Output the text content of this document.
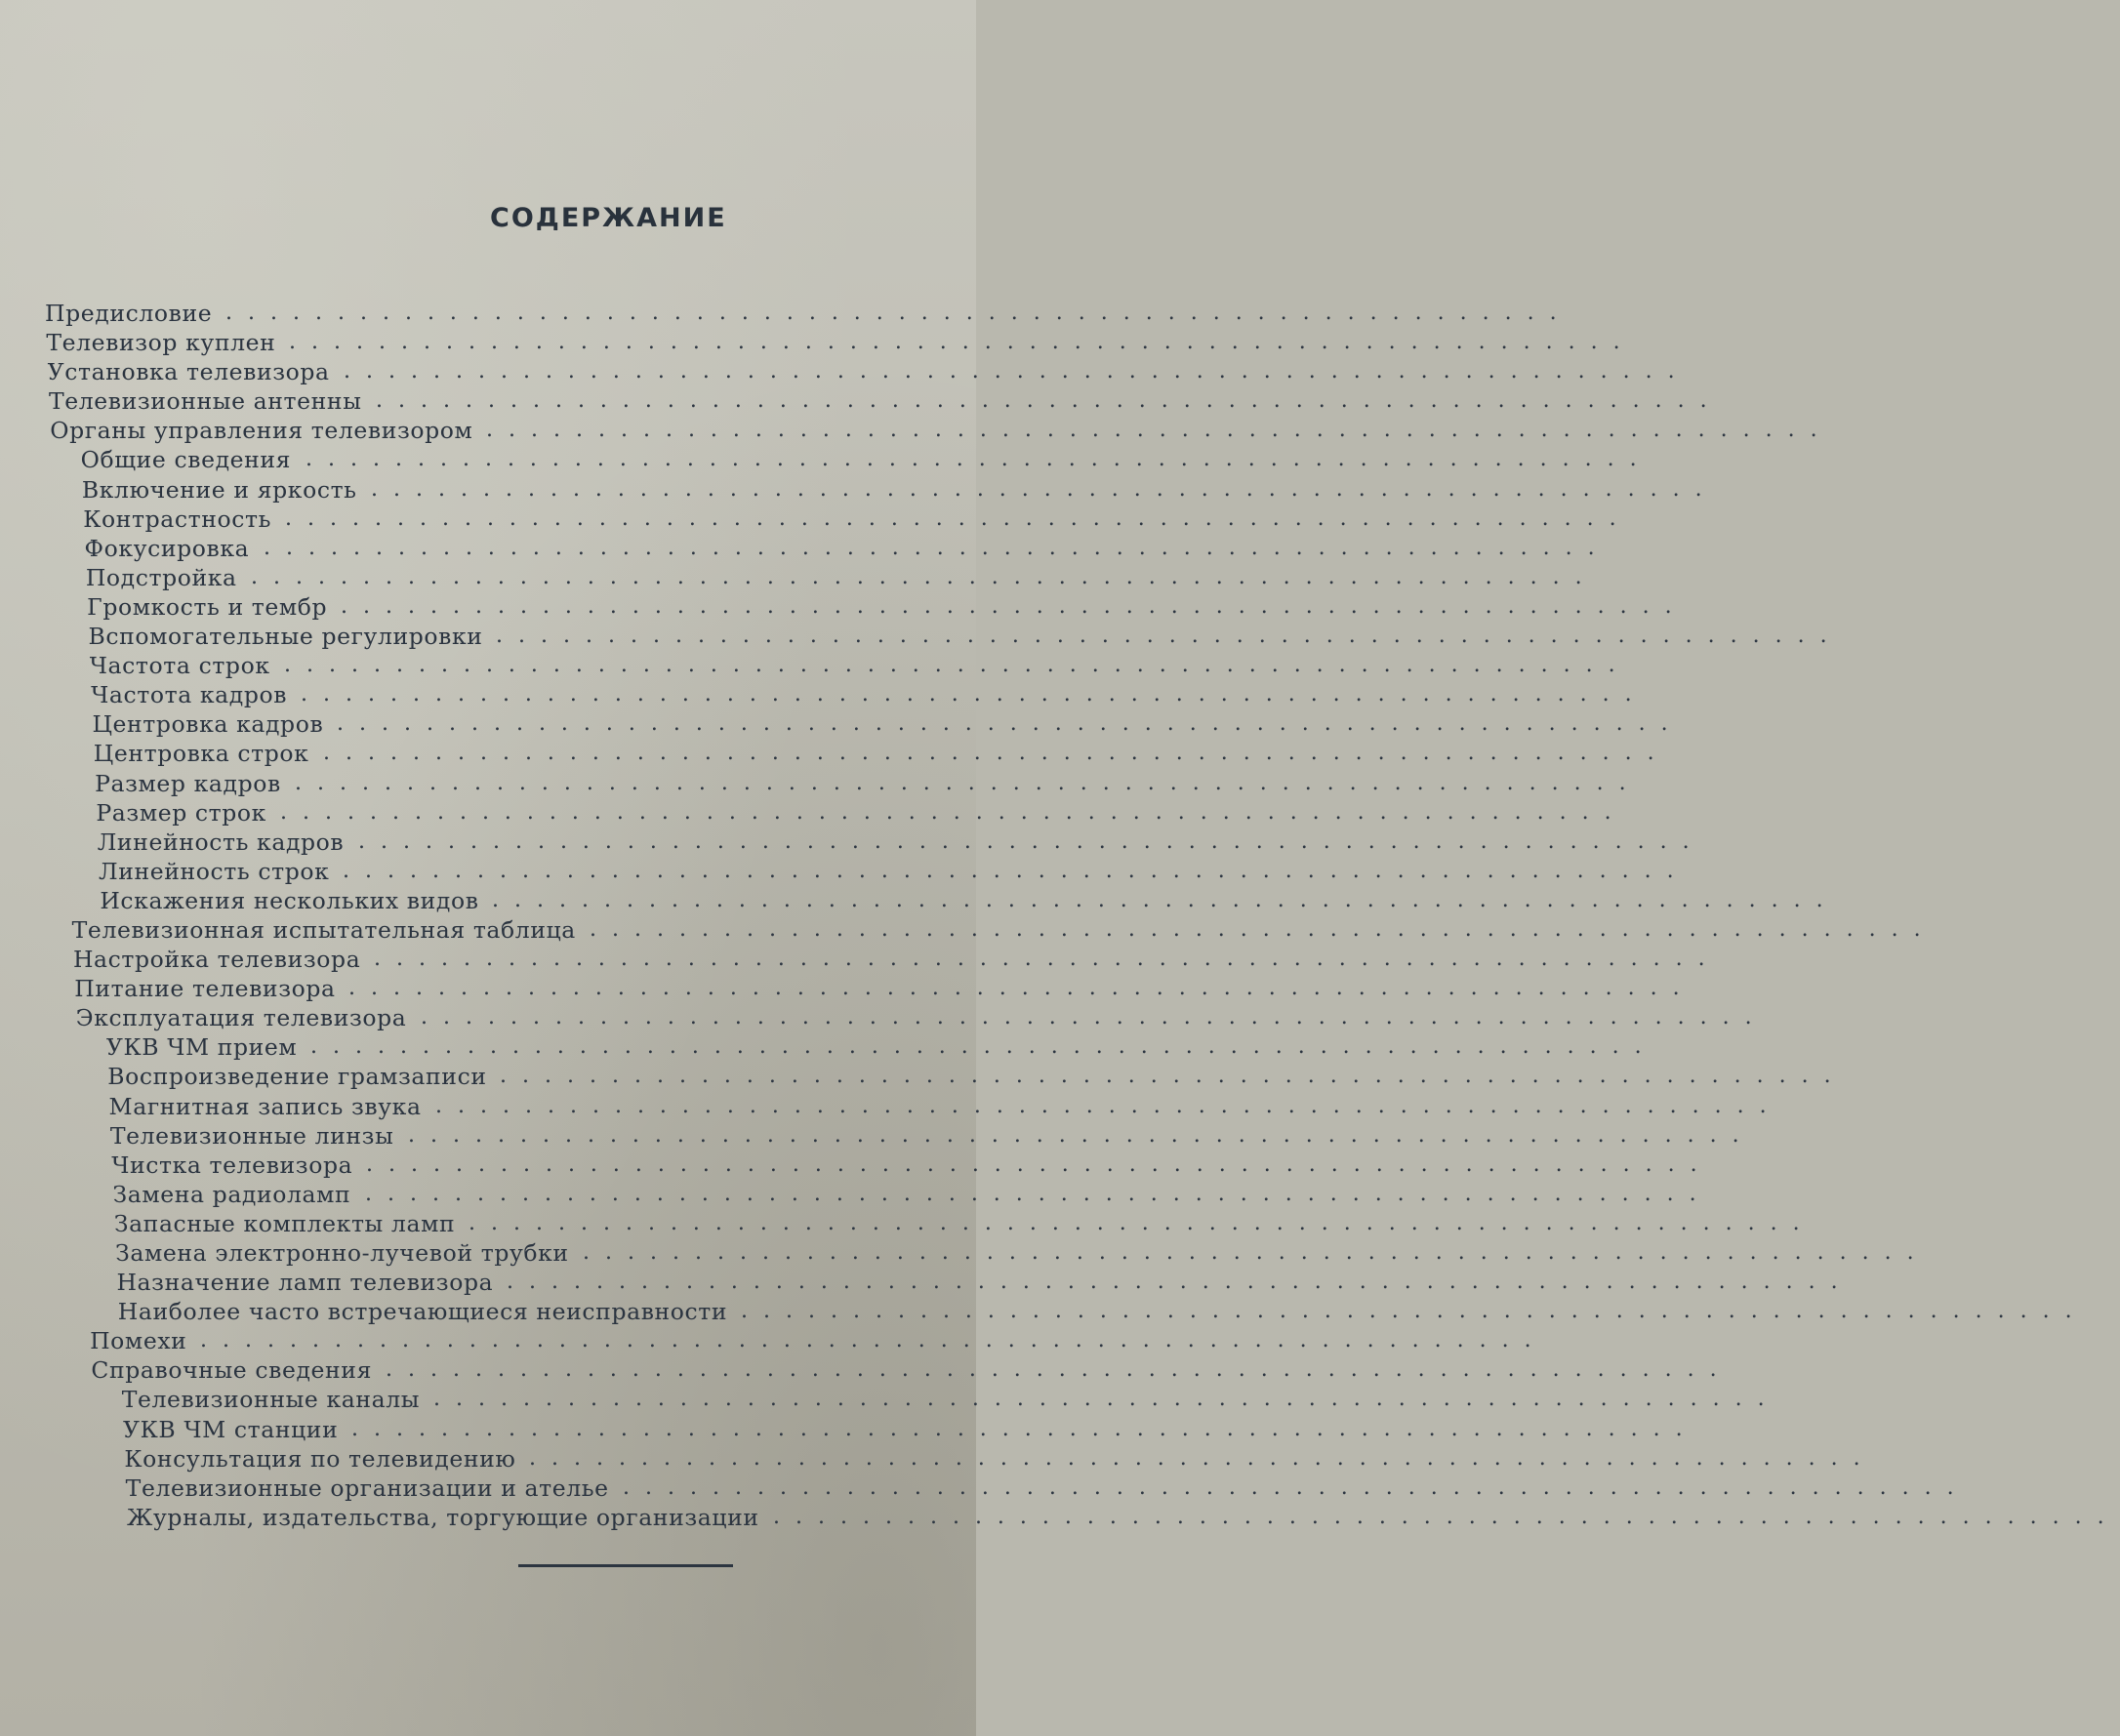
СОДЕРЖАНИЕ
............................................................
Предисловие
............................................................
Телевизор куплен
............................................................
Установка телевизора
............................................................
Телевизионные антенны
............................................................
Органы управления телевизором
............................................................
Общие сведения
............................................................
Включение и яркость
............................................................
Контрастность
............................................................
Фокусировка
............................................................
Подстройка
............................................................
Громкость и тембр
............................................................
Вспомогательные регулировки
............................................................
Частота строк
............................................................
Частота кадров
............................................................
Центровка кадров
............................................................
Центровка строк
............................................................
Размер кадров
............................................................
Размер строк
............................................................
Линейность кадров
............................................................
Линейность строк
............................................................
Искажения нескольких видов
............................................................
Телевизионная испытательная таблица
............................................................
Настройка телевизора
............................................................
Питание телевизора
............................................................
Эксплуатация телевизора
............................................................
УКВ ЧМ прием
............................................................
Воспроизведение грамзаписи
............................................................
Магнитная запись звука
............................................................
Телевизионные линзы
............................................................
Чистка телевизора
............................................................
Замена радиоламп
............................................................
Запасные комплекты ламп
............................................................
Замена электронно-лучевой трубки
............................................................
Назначение ламп телевизора
............................................................
Наиболее часто встречающиеся неисправности
............................................................
Помехи
............................................................
Справочные сведения
............................................................
Телевизионные каналы
............................................................
УКВ ЧМ станции
............................................................
Консультация по телевидению
............................................................
Телевизионные организации и ателье
............................................................
Журналы, издательства, торгующие организации
